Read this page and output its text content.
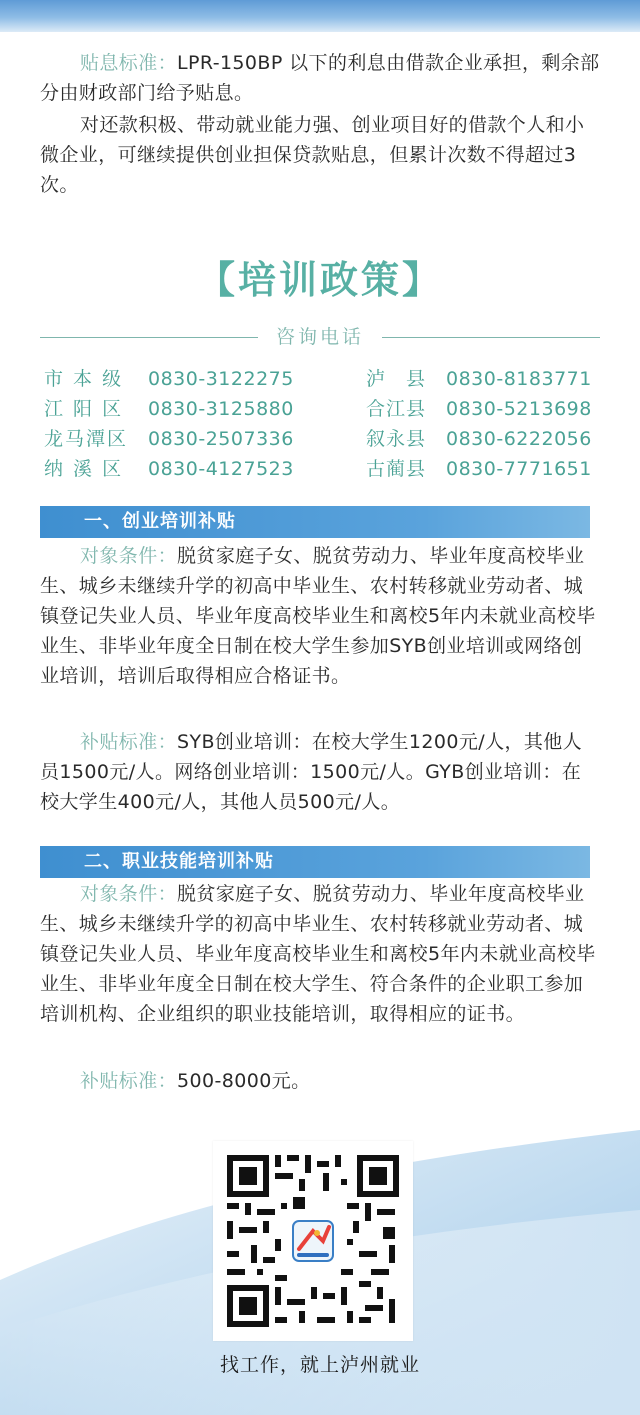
贴息标准：LPR-150BP 以下的利息由借款企业承担，剩余部分由财政部门给予贴息。

对还款积极、带动就业能力强、创业项目好的借款个人和小微企业，可继续提供创业担保贷款贴息，但累计次数不得超过3次。

【培训政策】
咨询电话
市 本 级	0830-3122275	泸　县	0830-8183771
江 阳 区	0830-3125880	合江县	0830-5213698
龙马潭区	0830-2507336	叙永县	0830-6222056
纳 溪 区	0830-4127523	古蔺县	0830-7771651
一、创业培训补贴

对象条件：脱贫家庭子女、脱贫劳动力、毕业年度高校毕业生、城乡未继续升学的初高中毕业生、农村转移就业劳动者、城镇登记失业人员、毕业年度高校毕业生和离校5年内未就业高校毕业生、非毕业年度全日制在校大学生参加SYB创业培训或网络创业培训，培训后取得相应合格证书。

补贴标准：SYB创业培训：在校大学生1200元/人，其他人员1500元/人。网络创业培训：1500元/人。GYB创业培训：在校大学生400元/人，其他人员500元/人。

二、职业技能培训补贴

对象条件：脱贫家庭子女、脱贫劳动力、毕业年度高校毕业生、城乡未继续升学的初高中毕业生、农村转移就业劳动者、城镇登记失业人员、毕业年度高校毕业生和离校5年内未就业高校毕业生、非毕业年度全日制在校大学生、符合条件的企业职工参加培训机构、企业组织的职业技能培训，取得相应的证书。

补贴标准：500-8000元。

找工作，就上泸州就业
